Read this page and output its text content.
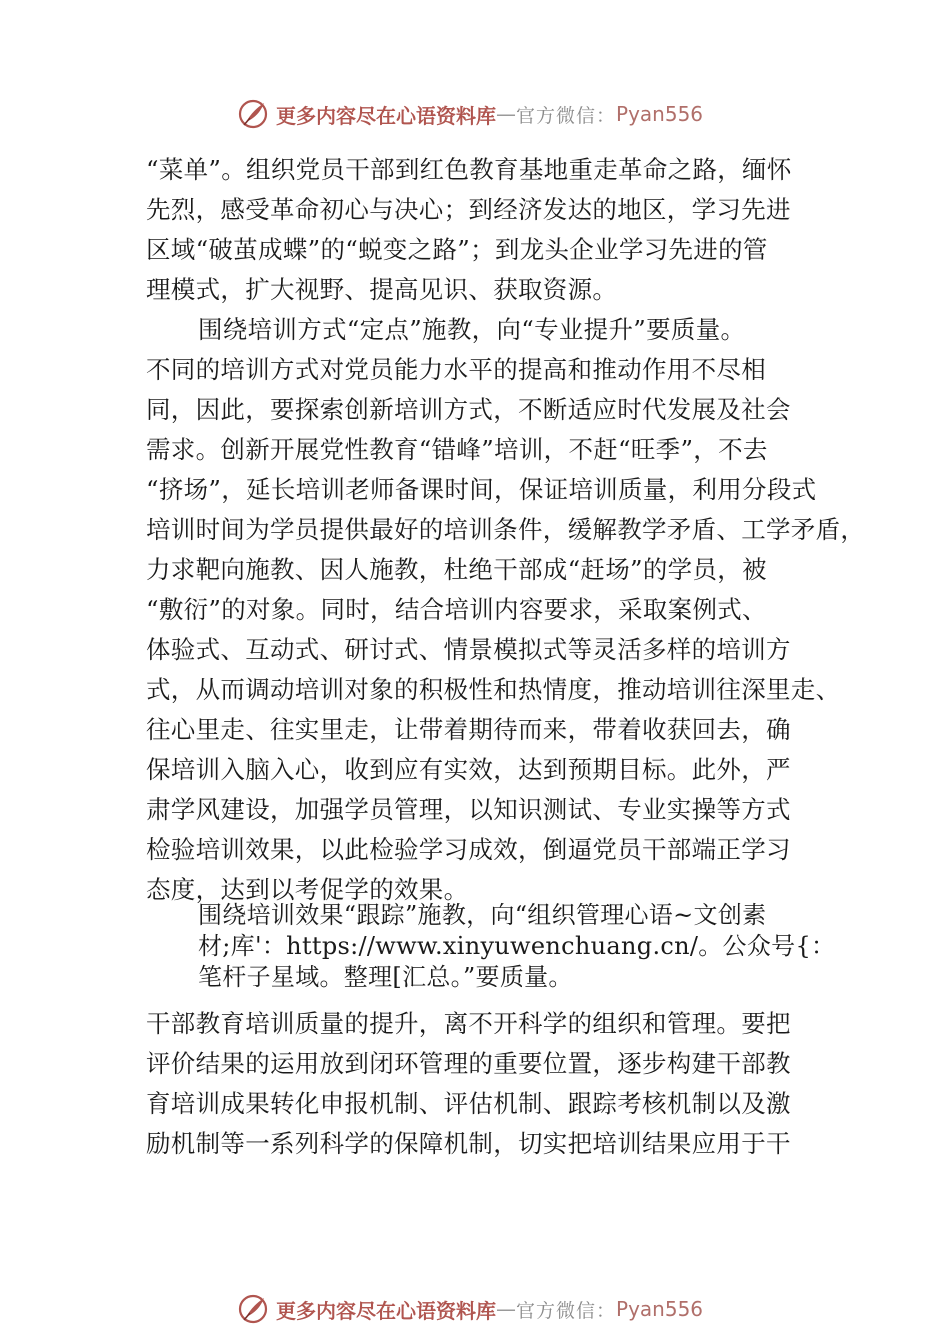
更多内容尽在心语资料库 — 官方微信： Pyan556
“菜单”。组织党员干部到红色教育基地重走革命之路，缅怀
先烈，感受革命初心与决心；到经济发达的地区，学习先进
区域“破茧成蝶”的“蜕变之路”；到龙头企业学习先进的管
理模式，扩大视野、提高见识、获取资源。
围绕培训方式“定点”施教，向“专业提升”要质量。
不同的培训方式对党员能力水平的提高和推动作用不尽相
同，因此，要探索创新培训方式，不断适应时代发展及社会
需求。创新开展党性教育“错峰”培训，不赶“旺季”，不去
“挤场”，延长培训老师备课时间，保证培训质量，利用分段式
培训时间为学员提供最好的培训条件，缓解教学矛盾、工学矛盾，
力求靶向施教、因人施教，杜绝干部成“赶场”的学员，被
“敷衍”的对象。同时，结合培训内容要求，采取案例式、
体验式、互动式、研讨式、情景模拟式等灵活多样的培训方
式，从而调动培训对象的积极性和热情度，推动培训往深里走、
往心里走、往实里走，让带着期待而来，带着收获回去，确
保培训入脑入心，收到应有实效，达到预期目标。此外，严
肃学风建设，加强学员管理，以知识测试、专业实操等方式
检验培训效果，以此检验学习成效，倒逼党员干部端正学习
态度，达到以考促学的效果。
围绕培训效果“跟踪”施教，向“组织管理心语~文创素
材;库'：https://www.xinyuwenchuang.cn/。公众号{：
笔杆子星域。整理[汇总。”要质量。
干部教育培训质量的提升，离不开科学的组织和管理。要把
评价结果的运用放到闭环管理的重要位置，逐步构建干部教
育培训成果转化申报机制、评估机制、跟踪考核机制以及激
励机制等一系列科学的保障机制，切实把培训结果应用于干
更多内容尽在心语资料库 — 官方微信： Pyan556
